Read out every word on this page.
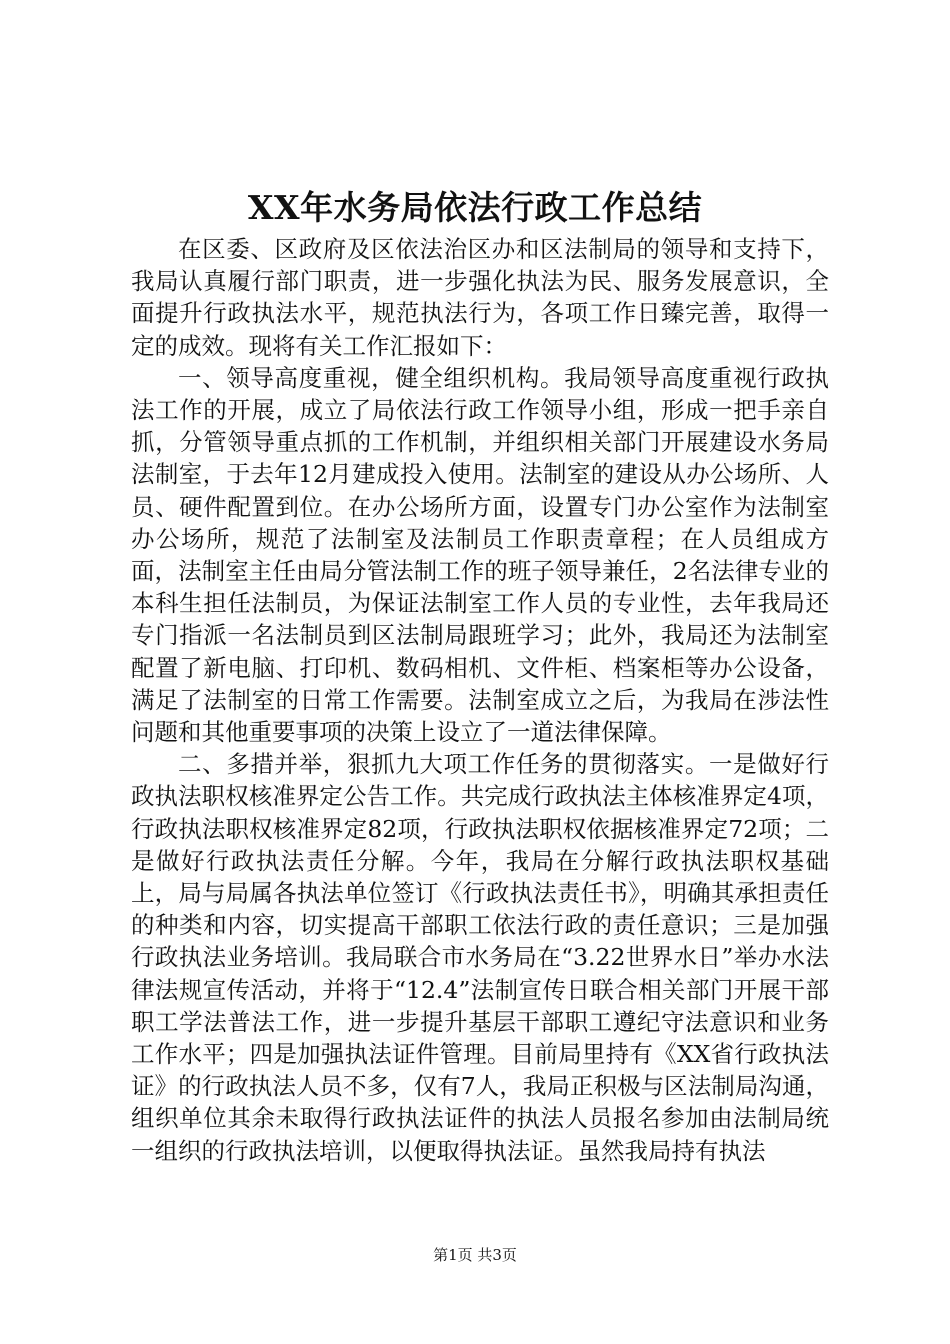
XX年水务局依法行政工作总结

在区委、区政府及区依法治区办和区法制局的领导和支持下，我局认真履行部门职责，进一步强化执法为民、服务发展意识，全面提升行政执法水平，规范执法行为，各项工作日臻完善，取得一定的成效。现将有关工作汇报如下：

一、领导高度重视，健全组织机构。我局领导高度重视行政执法工作的开展，成立了局依法行政工作领导小组，形成一把手亲自抓，分管领导重点抓的工作机制，并组织相关部门开展建设水务局法制室，于去年12月建成投入使用。法制室的建设从办公场所、人员、硬件配置到位。在办公场所方面，设置专门办公室作为法制室办公场所，规范了法制室及法制员工作职责章程；在人员组成方面，法制室主任由局分管法制工作的班子领导兼任，2名法律专业的本科生担任法制员，为保证法制室工作人员的专业性，去年我局还专门指派一名法制员到区法制局跟班学习；此外，我局还为法制室配置了新电脑、打印机、数码相机、文件柜、档案柜等办公设备，满足了法制室的日常工作需要。法制室成立之后，为我局在涉法性问题和其他重要事项的决策上设立了一道法律保障。

二、多措并举，狠抓九大项工作任务的贯彻落实。一是做好行政执法职权核准界定公告工作。共完成行政执法主体核准界定4项，行政执法职权核准界定82项，行政执法职权依据核准界定72项；二是做好行政执法责任分解。今年，我局在分解行政执法职权基础上，局与局属各执法单位签订《行政执法责任书》，明确其承担责任的种类和内容，切实提高干部职工依法行政的责任意识；三是加强行政执法业务培训。我局联合市水务局在“3.22世界水日”举办水法律法规宣传活动，并将于“12.4”法制宣传日联合相关部门开展干部职工学法普法工作，进一步提升基层干部职工遵纪守法意识和业务工作水平；四是加强执法证件管理。目前局里持有《XX省行政执法证》的行政执法人员不多，仅有7人，我局正积极与区法制局沟通，组织单位其余未取得行政执法证件的执法人员报名参加由法制局统一组织的行政执法培训，以便取得执法证。虽然我局持有执法

第1页 共3页
